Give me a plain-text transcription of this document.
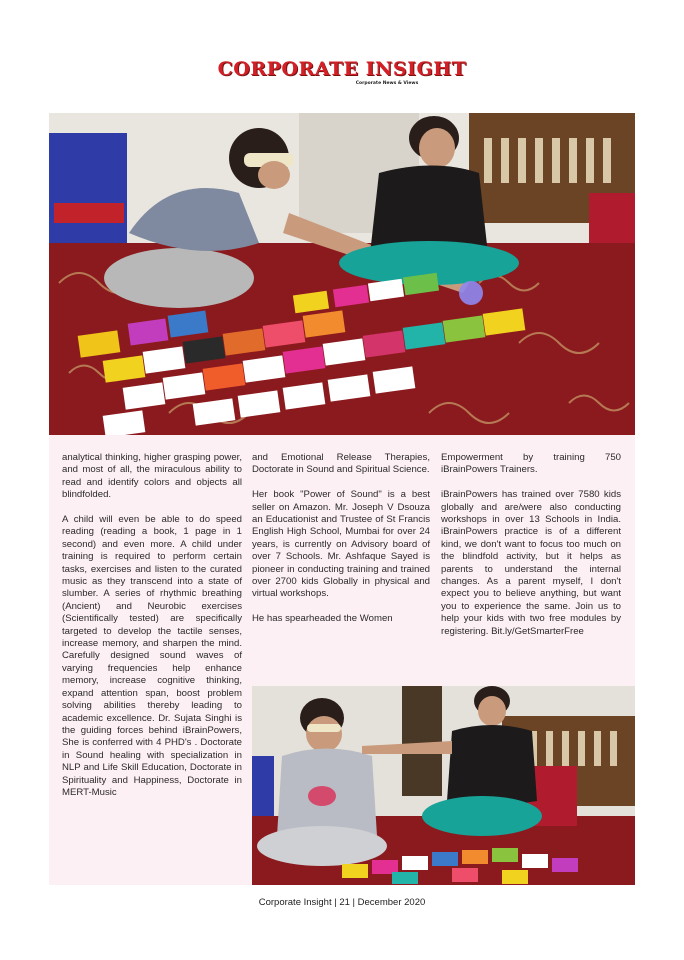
CORPORATE INSIGHT
Corporate News & Views

analytical thinking, higher grasping power, and most of all, the miraculous ability to read and identify colors and objects all blindfolded.

A child will even be able to do speed reading (reading a book, 1 page in 1 second) and even more. A child under training is required to perform certain tasks, exercises and listen to the curated music as they transcend into a state of slumber. A series of rhythmic breathing (Ancient) and Neurobic exercises (Scientifically tested) are specifically targeted to develop the tactile senses, increase memory, and sharpen the mind. Carefully designed sound waves of varying frequencies help enhance memory, increase cognitive thinking, expand attention span, boost problem solving abilities thereby leading to academic excellence. Dr. Sujata Singhi is the guiding forces behind iBrainPowers, She is conferred with 4 PHD's . Doctorate in Sound healing with specialization in NLP and Life Skill Education, Doctorate in Spirituality and Happiness, Doctorate in MERT-Music

and Emotional Release Therapies, Doctorate in Sound and Spiritual Science.

Her book "Power of Sound" is a best seller on Amazon. Mr. Joseph V Dsouza an Educationist and Trustee of St Francis English High School, Mumbai for over 24 years, is currently on Advisory board of over 7 Schools. Mr. Ashfaque Sayed is pioneer in conducting training and trained over 2700 kids Globally in physical and virtual workshops.

He has spearheaded the Women

Empowerment by training 750 iBrainPowers Trainers.

iBrainPowers has trained over 7580 kids globally and are/were also conducting workshops in over 13 Schools in India. iBrainPowers practice is of a different kind, we don't want to focus too much on the blindfold activity, but it helps as parents to understand the internal changes. As a parent myself, I don't expect you to believe anything, but want you to experience the same. Join us to help your kids with two free modules by registering. Bit.ly/GetSmarterFree

Corporate Insight | 21 | December 2020
